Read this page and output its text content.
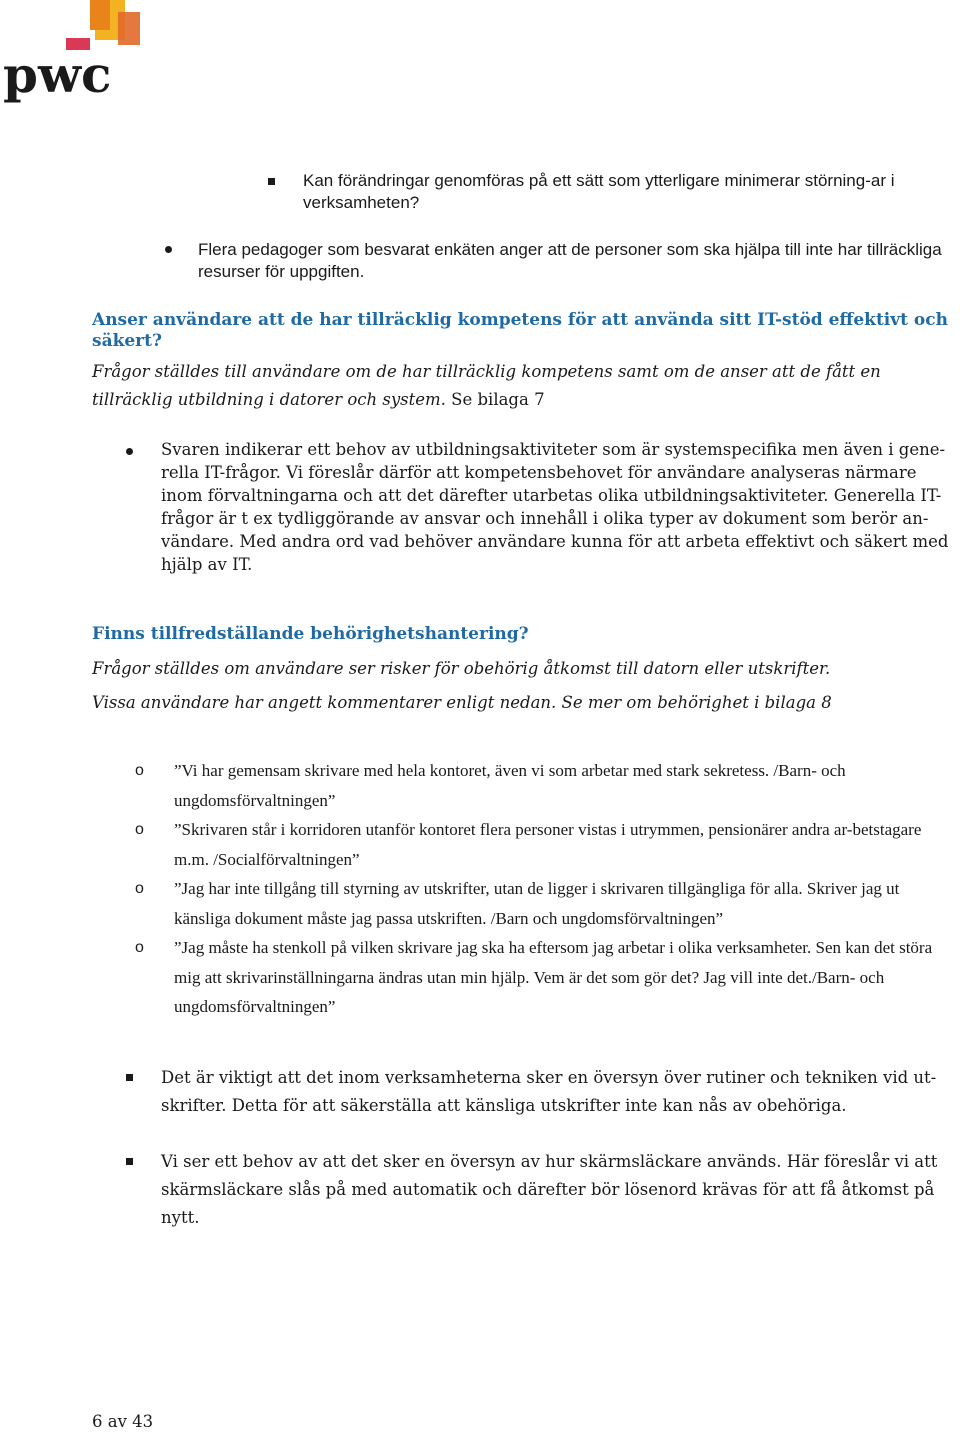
pwc

Kan förändringar genomföras på ett sätt som ytterligare minimerar störning-ar i verksamheten?

Flera pedagoger som besvarat enkäten anger att de personer som ska hjälpa till inte har tillräckliga resurser för uppgiften.

Anser användare att de har tillräcklig kompetens för att använda sitt IT-stöd effektivt och säkert?

Frågor ställdes till användare om de har tillräcklig kompetens samt om de anser att de fått en tillräcklig utbildning i datorer och system. Se bilaga 7

Svaren indikerar ett behov av utbildningsaktiviteter som är systemspecifika men även i gene-rella IT-frågor. Vi föreslår därför att kompetensbehovet för användare analyseras närmare inom förvaltningarna och att det därefter utarbetas olika utbildningsaktiviteter. Generella IT-frågor är t ex tydliggörande av ansvar och innehåll i olika typer av dokument som berör an-vändare. Med andra ord vad behöver användare kunna för att arbeta effektivt och säkert med hjälp av IT.

Finns tillfredställande behörighetshantering?

Frågor ställdes om användare ser risker för obehörig åtkomst till datorn eller utskrifter.

Vissa användare har angett kommentarer enligt nedan. Se mer om behörighet i bilaga 8

o ”Vi har gemensam skrivare med hela kontoret, även vi som arbetar med stark sekretess. /Barn- och ungdomsförvaltningen”

o ”Skrivaren står i korridoren utanför kontoret flera personer vistas i utrymmen, pensionärer andra ar-betstagare m.m. /Socialförvaltningen”

o ”Jag har inte tillgång till styrning av utskrifter, utan de ligger i skrivaren tillgängliga för alla. Skriver jag ut känsliga dokument måste jag passa utskriften. /Barn och ungdomsförvaltningen”

o ”Jag måste ha stenkoll på vilken skrivare jag ska ha eftersom jag arbetar i olika verksamheter. Sen kan det störa mig att skrivarinställningarna ändras utan min hjälp. Vem är det som gör det? Jag vill inte det./Barn- och ungdomsförvaltningen”

Det är viktigt att det inom verksamheterna sker en översyn över rutiner och tekniken vid ut-skrifter. Detta för att säkerställa att känsliga utskrifter inte kan nås av obehöriga.

Vi ser ett behov av att det sker en översyn av hur skärmsläckare används. Här föreslår vi att skärmsläckare slås på med automatik och därefter bör lösenord krävas för att få åtkomst på nytt.

6 av 43
